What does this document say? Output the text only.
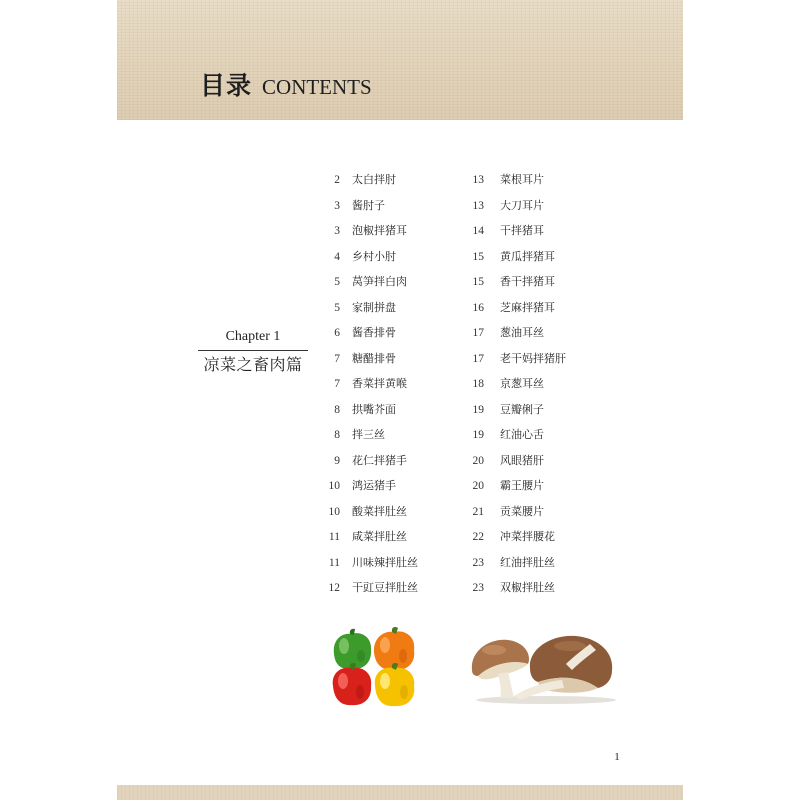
目录 CONTENTS
Chapter 1
凉菜之畜肉篇
2 太白拌肘
3 酱肘子
3 泡椒拌猪耳
4 乡村小肘
5 莴笋拌白肉
5 家制拼盘
6 酱香排骨
7 糖醋排骨
7 香菜拌黄喉
8 拱嘴芥面
8 拌三丝
9 花仁拌猪手
10 鸿运猪手
10 酸菜拌肚丝
11 咸菜拌肚丝
11 川味辣拌肚丝
12 干豇豆拌肚丝
13 菜根耳片
13 大刀耳片
14 干拌猪耳
15 黄瓜拌猪耳
15 香干拌猪耳
16 芝麻拌猪耳
17 葱油耳丝
17 老干妈拌猪肝
18 京葱耳丝
19 豆瓣俐子
19 红油心舌
20 风眼猪肝
20 霸王腰片
21 贡菜腰片
22 冲菜拌腰花
23 红油拌肚丝
23 双椒拌肚丝
1
